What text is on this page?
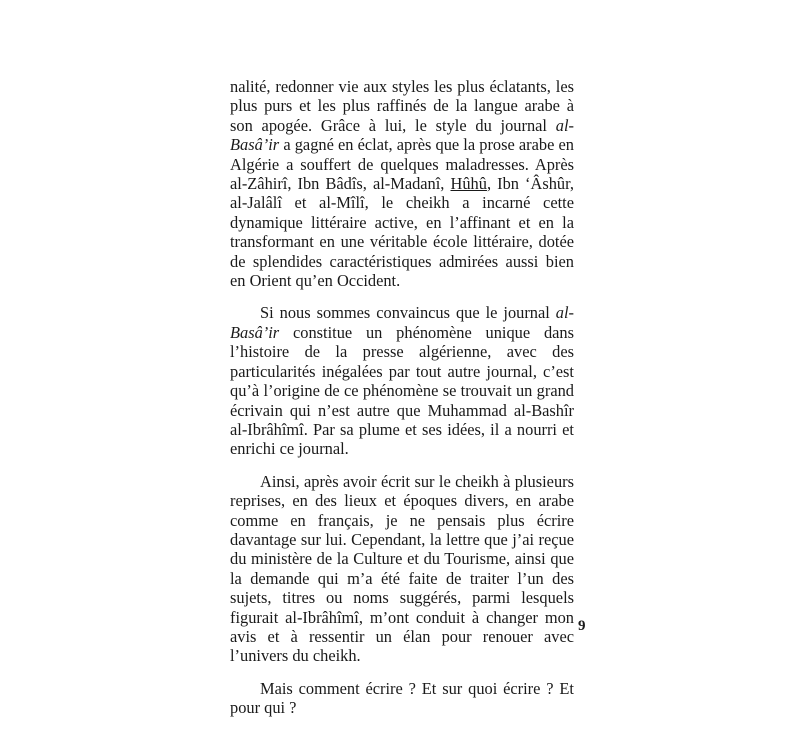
nalité, redonner vie aux styles les plus éclatants, les plus purs et les plus raffinés de la langue arabe à son apogée. Grâce à lui, le style du journal al-Basâ’ir a gagné en éclat, après que la prose arabe en Algérie a souffert de quelques maladresses. Après al-Zâhirî, Ibn Bâdîs, al-Madanî, Hûhû, Ibn ‘Âshûr, al-Jalâlî et al-Mîlî, le cheikh a incarné cette dynamique littéraire active, en l’affinant et en la transformant en une véritable école littéraire, dotée de splendides caractéristiques admirées aussi bien en Orient qu’en Occident.

Si nous sommes convaincus que le journal al-Basâ’ir constitue un phénomène unique dans l’histoire de la presse algérienne, avec des particularités inégalées par tout autre journal, c’est qu’à l’origine de ce phénomène se trouvait un grand écrivain qui n’est autre que Muhammad al-Bashîr al-Ibrâhîmî. Par sa plume et ses idées, il a nourri et enrichi ce journal.

Ainsi, après avoir écrit sur le cheikh à plusieurs reprises, en des lieux et époques divers, en arabe comme en français, je ne pensais plus écrire davantage sur lui. Cependant, la lettre que j’ai reçue du ministère de la Culture et du Tourisme, ainsi que la demande qui m’a été faite de traiter l’un des sujets, titres ou noms suggérés, parmi lesquels figurait al-Ibrâhîmî, m’ont conduit à changer mon avis et à ressentir un élan pour renouer avec l’univers du cheikh.

Mais comment écrire ? Et sur quoi écrire ? Et pour qui ?

9
